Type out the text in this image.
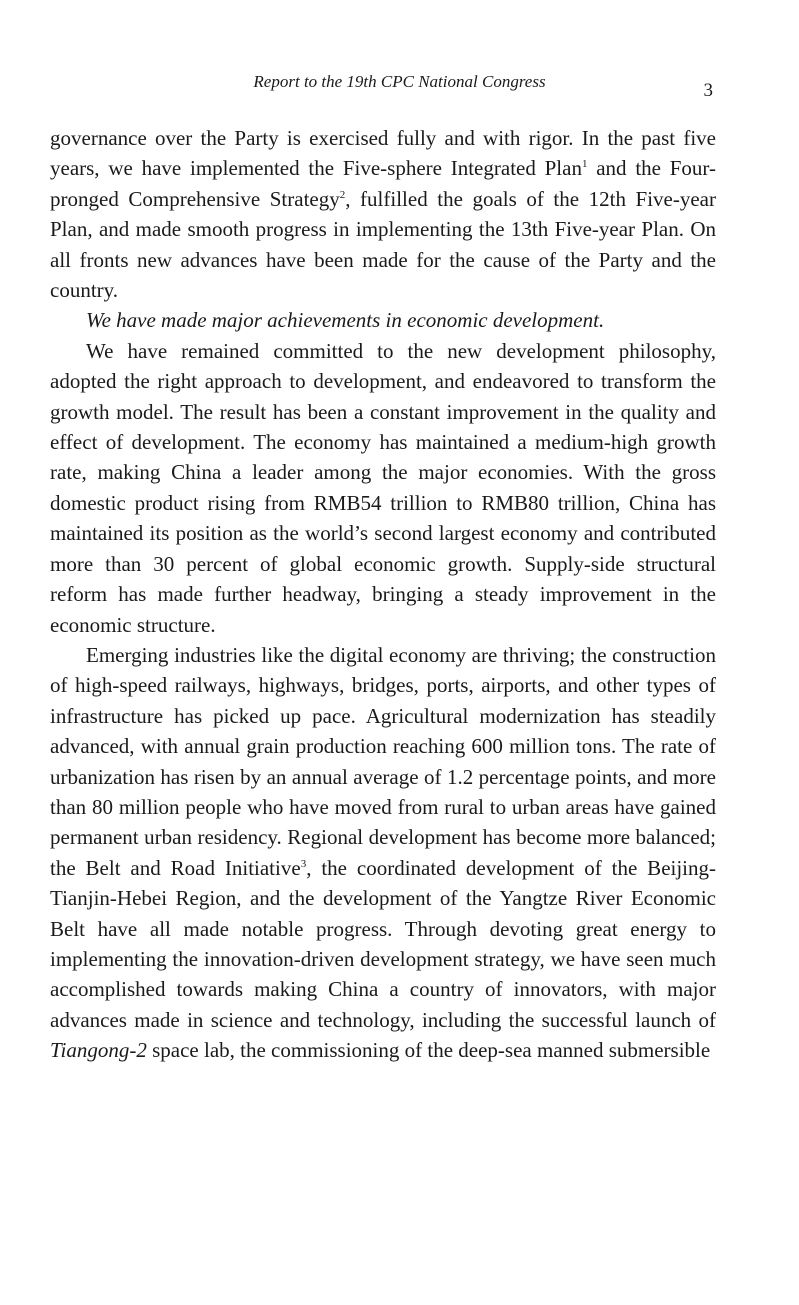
Report to the 19th CPC National Congress	3

governance over the Party is exercised fully and with rigor. In the past five years, we have implemented the Five-sphere Integrated Plan$^1$ and the Four-pronged Comprehensive Strategy$^2$, fulfilled the goals of the 12th Five-year Plan, and made smooth progress in implementing the 13th Five-year Plan. On all fronts new advances have been made for the cause of the Party and the country.

We have made major achievements in economic development.

We have remained committed to the new development philosophy, adopted the right approach to development, and endeavored to transform the growth model. The result has been a constant improvement in the quality and effect of development. The economy has maintained a medium-high growth rate, making China a leader among the major economies. With the gross domestic product rising from RMB54 trillion to RMB80 trillion, China has maintained its position as the world’s second largest economy and contributed more than 30 percent of global economic growth. Supply-side structural reform has made further headway, bringing a steady improvement in the economic structure.

Emerging industries like the digital economy are thriving; the construction of high-speed railways, highways, bridges, ports, airports, and other types of infrastructure has picked up pace. Agricultural modernization has steadily advanced, with annual grain production reaching 600 million tons. The rate of urbanization has risen by an annual average of 1.2 percentage points, and more than 80 million people who have moved from rural to urban areas have gained permanent urban residency. Regional development has become more balanced; the Belt and Road Initiative$^3$, the coordinated development of the Beijing-Tianjin-Hebei Region, and the development of the Yangtze River Economic Belt have all made notable progress. Through devoting great energy to implementing the innovation-driven development strategy, we have seen much accomplished towards making China a country of innovators, with major advances made in science and technology, including the successful launch of Tiangong-2 space lab, the commissioning of the deep-sea manned submersible
